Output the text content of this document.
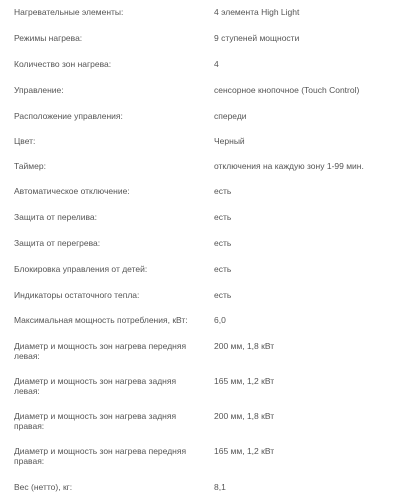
Нагревательные элементы:	4 элемента High Light
Режимы нагрева:	9 ступеней мощности
Количество зон нагрева:	4
Управление:	сенсорное кнопочное (Touch Control)
Расположение управления:	спереди
Цвет:	Черный
Таймер:	отключения на каждую зону 1-99 мин.
Автоматическое отключение:	есть
Защита от перелива:	есть
Защита от перегрева:	есть
Блокировка управления от детей:	есть
Индикаторы остаточного тепла:	есть
Максимальная мощность потребления, кВт:	6,0
Диаметр и мощность зон нагрева передняя левая:
200 мм, 1,8 кВт
Диаметр и мощность зон нагрева задняя левая:
165 мм, 1,2 кВт
Диаметр и мощность зон нагрева задняя правая:
200 мм, 1,8 кВт
Диаметр и мощность зон нагрева передняя правая:
165 мм, 1,2 кВт
Вес (нетто), кг:	8,1
